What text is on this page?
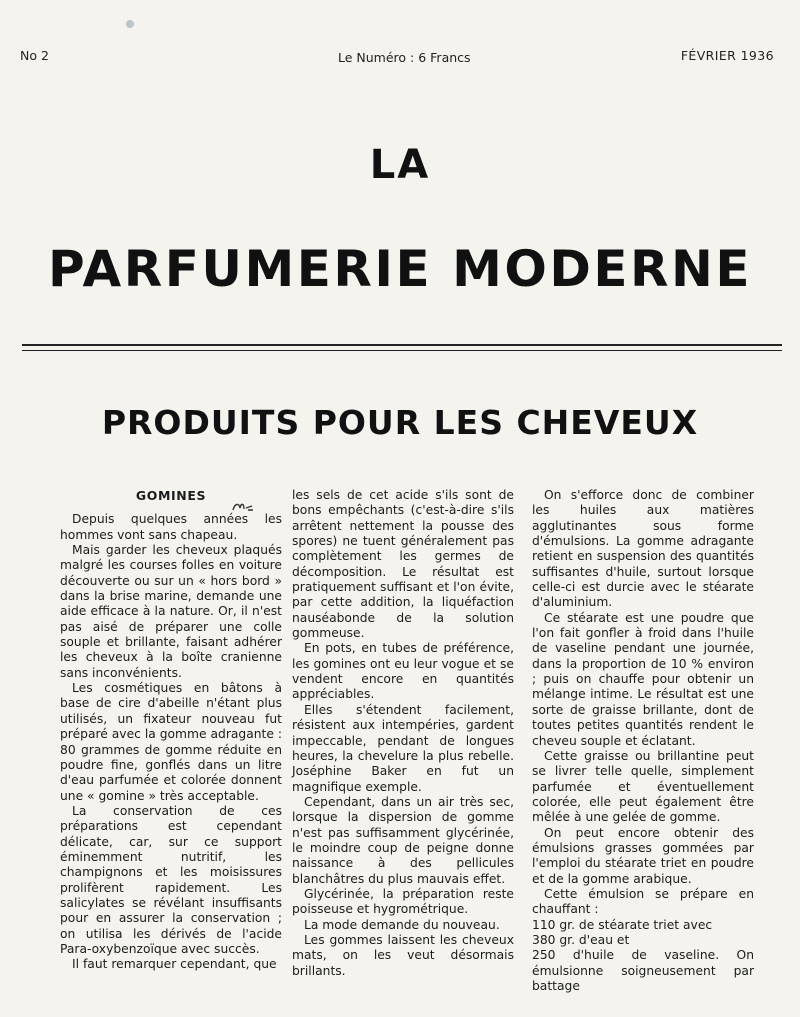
No 2	Le Numéro : 6 Francs	FÉVRIER 1936
LA
PARFUMERIE MODERNE
PRODUITS POUR LES CHEVEUX
GOMINES

Depuis quelques années les hommes vont sans chapeau.

Mais garder les cheveux plaqués malgré les courses folles en voiture découverte ou sur un « hors bord » dans la brise marine, demande une aide efficace à la nature. Or, il n'est pas aisé de préparer une colle souple et brillante, faisant adhérer les cheveux à la boîte cranienne sans inconvénients.

Les cosmétiques en bâtons à base de cire d'abeille n'étant plus utilisés, un fixateur nouveau fut préparé avec la gomme adragante : 80 grammes de gomme réduite en poudre fine, gonflés dans un litre d'eau parfumée et colorée donnent une « gomine » très acceptable.

La conservation de ces préparations est cependant délicate, car, sur ce support éminemment nutritif, les champignons et les moisissures prolifèrent rapidement. Les salicylates se révélant insuffisants pour en assurer la conservation ; on utilisa les dérivés de l'acide Para-oxybenzoïque avec succès.

Il faut remarquer cependant, que

les sels de cet acide s'ils sont de bons empêchants (c'est-à-dire s'ils arrêtent nettement la pousse des spores) ne tuent généralement pas complètement les germes de décomposition. Le résultat est pratiquement suffisant et l'on évite, par cette addition, la liquéfaction nauséabonde de la solution gommeuse.

En pots, en tubes de préférence, les gomines ont eu leur vogue et se vendent encore en quantités appréciables.

Elles s'étendent facilement, résistent aux intempéries, gardent impeccable, pendant de longues heures, la chevelure la plus rebelle. Joséphine Baker en fut un magnifique exemple.

Cependant, dans un air très sec, lorsque la dispersion de gomme n'est pas suffisamment glycérinée, le moindre coup de peigne donne naissance à des pellicules blanchâtres du plus mauvais effet.

Glycérinée, la préparation reste poisseuse et hygrométrique.

La mode demande du nouveau.

Les gommes laissent les cheveux mats, on les veut désormais brillants.

On s'efforce donc de combiner les huiles aux matières agglutinantes sous forme d'émulsions. La gomme adragante retient en suspension des quantités suffisantes d'huile, surtout lorsque celle-ci est durcie avec le stéarate d'aluminium.

Ce stéarate est une poudre que l'on fait gonfler à froid dans l'huile de vaseline pendant une journée, dans la proportion de 10 % environ ; puis on chauffe pour obtenir un mélange intime. Le résultat est une sorte de graisse brillante, dont de toutes petites quantités rendent le cheveu souple et éclatant.

Cette graisse ou brillantine peut se livrer telle quelle, simplement parfumée et éventuellement colorée, elle peut également être mêlée à une gelée de gomme.

On peut encore obtenir des émulsions grasses gommées par l'emploi du stéarate triet en poudre et de la gomme arabique.

Cette émulsion se prépare en chauffant :

110 gr. de stéarate triet avec

380 gr. d'eau et

250 d'huile de vaseline. On émulsionne soigneusement par battage
